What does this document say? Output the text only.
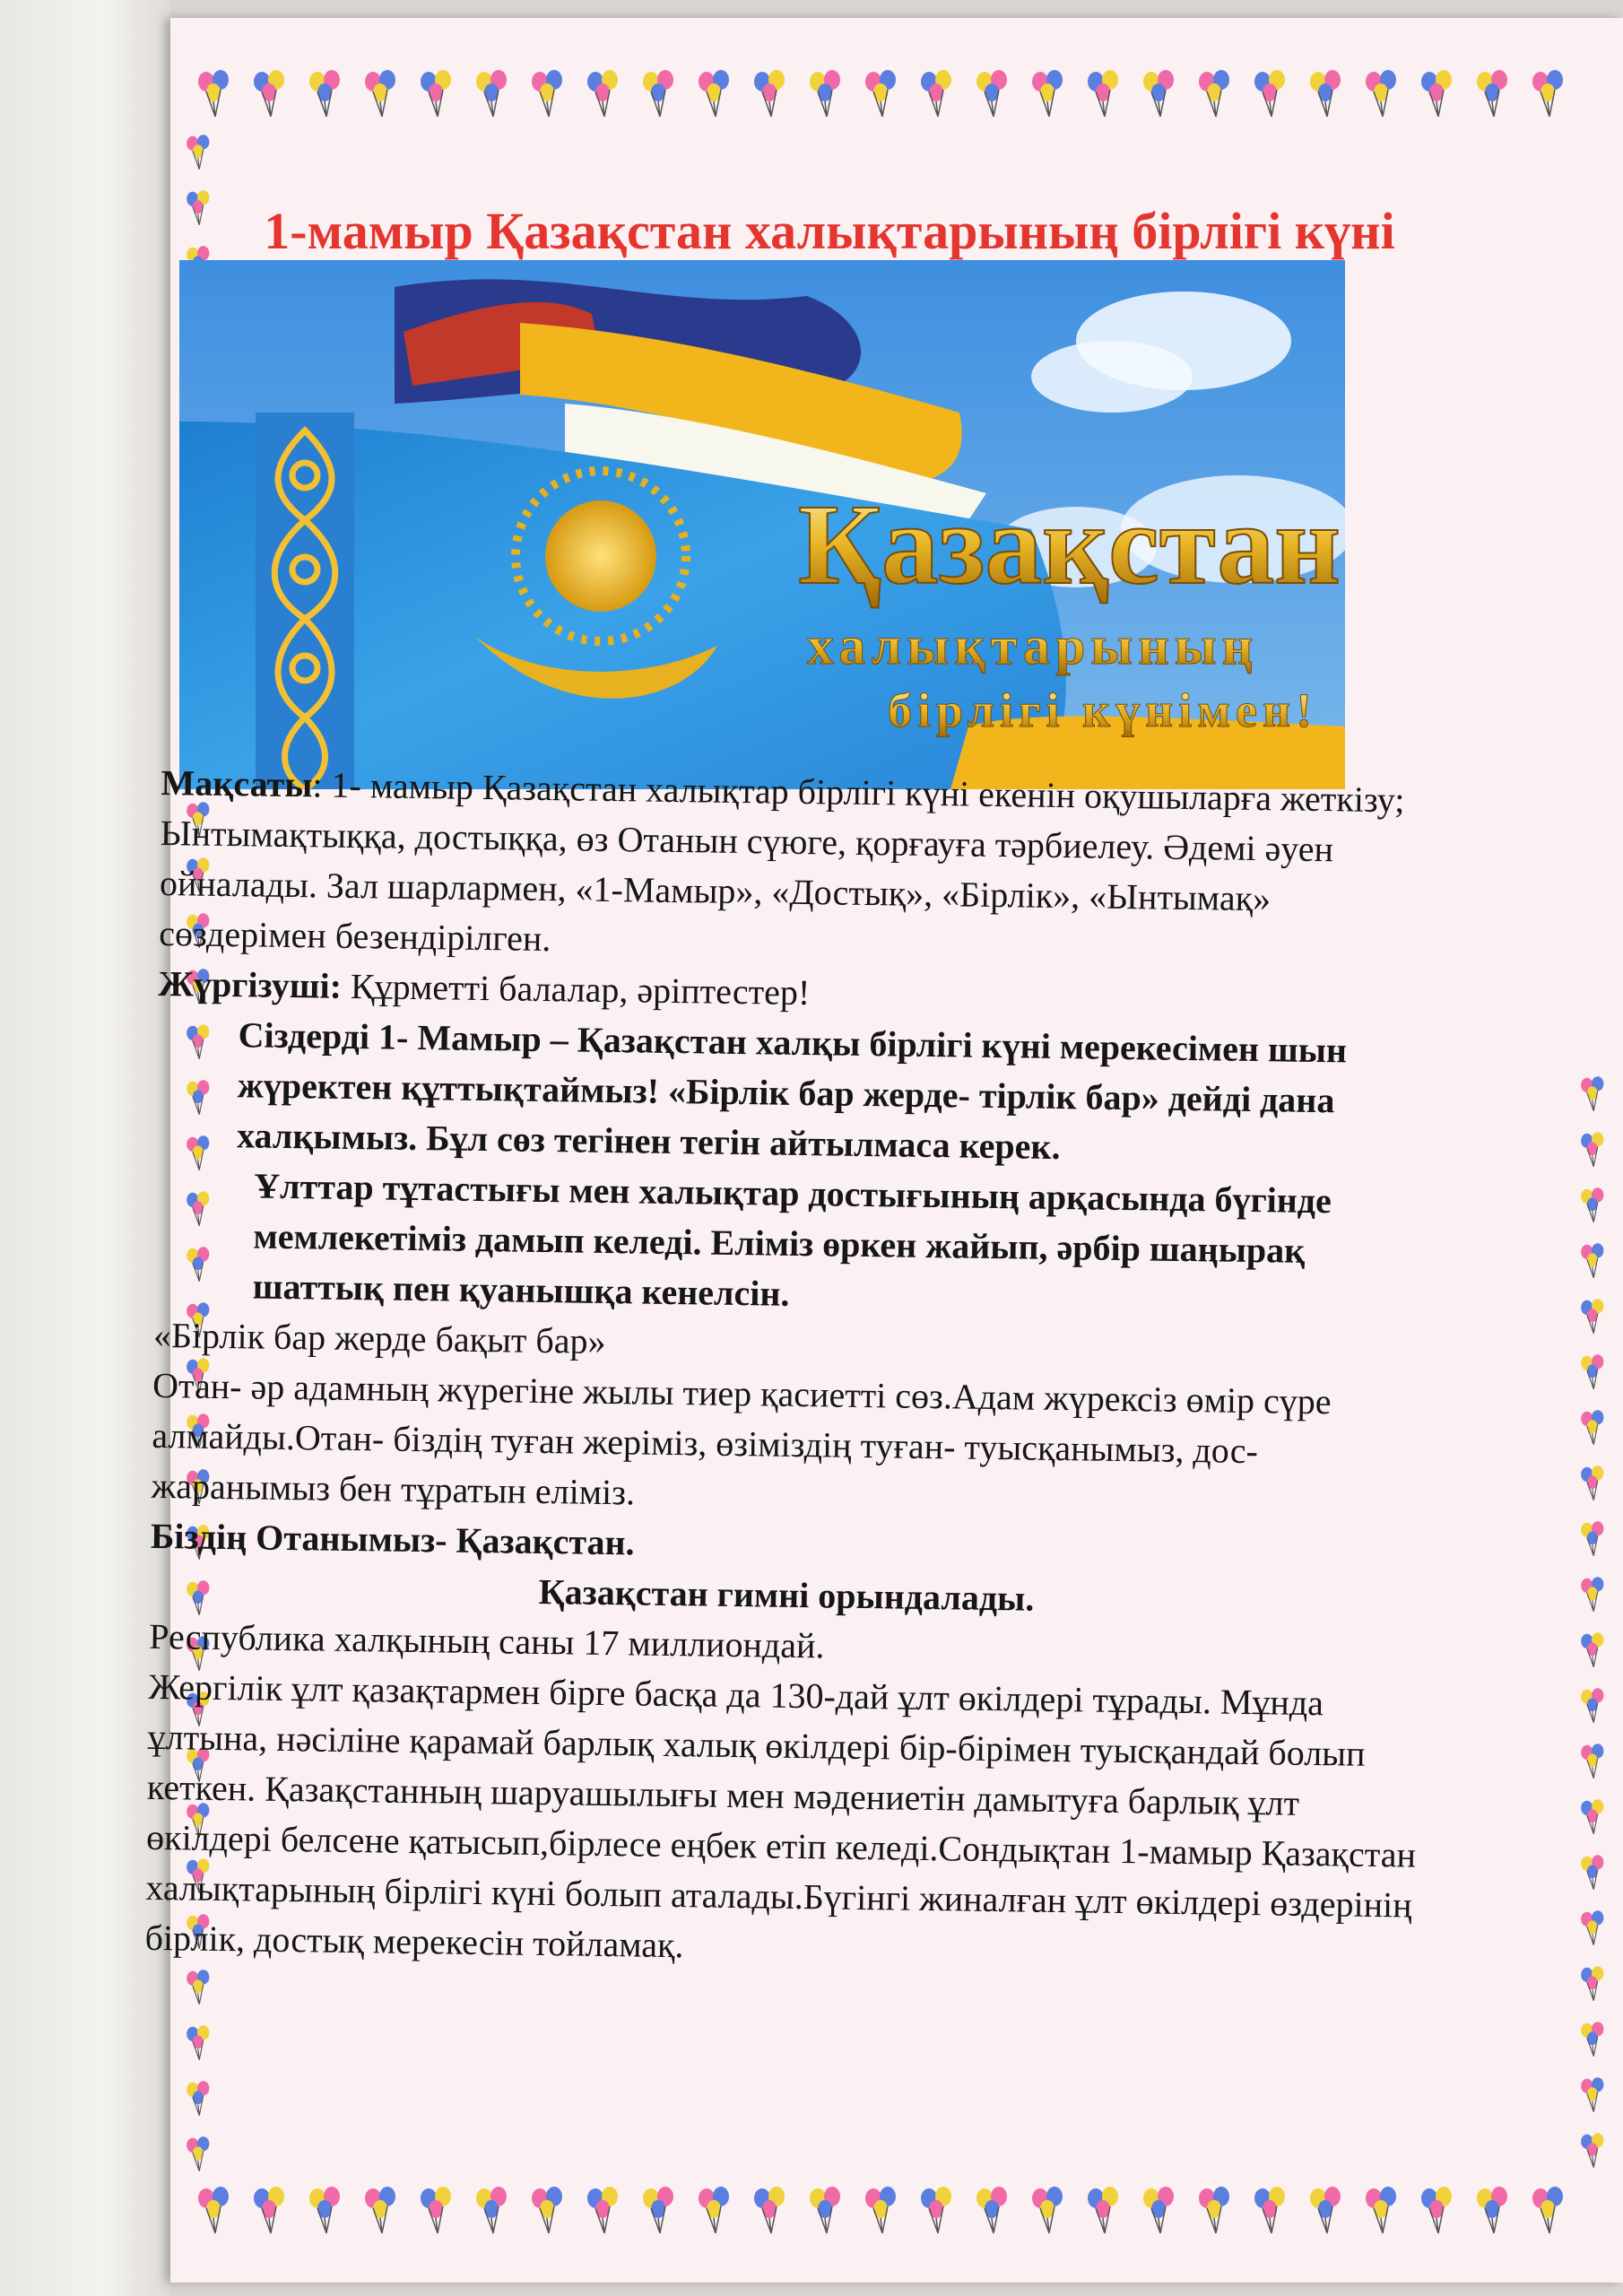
1-мамыр Қазақстан халықтарының бірлігі күні
Қазақстан
халықтарының
бірлігі күнімен!

Мақсаты: 1- мамыр Қазақстан халықтар бірлігі күні екенін оқушыларға жеткізу; Ынтымақтыққа, достыққа, өз Отанын сүюге, қорғауға тәрбиелеу. Әдемі әуен ойналады. Зал шарлармен, «1-Мамыр», «Достық», «Бірлік», «Ынтымақ» сөздерімен безендірілген.

Жүргізуші: Құрметті балалар, әріптестер!

Сіздерді 1- Мамыр – Қазақстан халқы бірлігі күні мерекесімен шын жүректен құттықтаймыз! «Бірлік бар жерде- тірлік бар» дейді дана халқымыз. Бұл сөз тегінен тегін айтылмаса керек.

Ұлттар тұтастығы мен халықтар достығының арқасында бүгінде мемлекетіміз дамып келеді. Еліміз өркен жайып, әрбір шаңырақ шаттық пен қуанышқа кенелсін.

«Бірлік бар жерде бақыт бар»

Отан- әр адамның жүрегіне жылы тиер қасиетті сөз.Адам жүрексіз өмір сүре алмайды.Отан- біздің туған жеріміз, өзіміздің туған- туысқанымыз, дос-жаранымыз бен тұратын еліміз.

Біздің Отанымыз- Қазақстан.

Қазақстан гимні орындалады.

Республика халқының саны 17 миллиондай.

Жергілік ұлт қазақтармен бірге басқа да 130-дай ұлт өкілдері тұрады. Мұнда ұлтына, нәсіліне қарамай барлық халық өкілдері бір-бірімен туысқандай болып кеткен. Қазақстанның шаруашылығы мен мәдениетін дамытуға барлық ұлт өкілдері белсене қатысып,бірлесе еңбек етіп келеді.Сондықтан 1-мамыр Қазақстан халықтарының бірлігі күні болып аталады.Бүгінгі жиналған ұлт өкілдері өздерінің бірлік, достық мерекесін тойламақ.
